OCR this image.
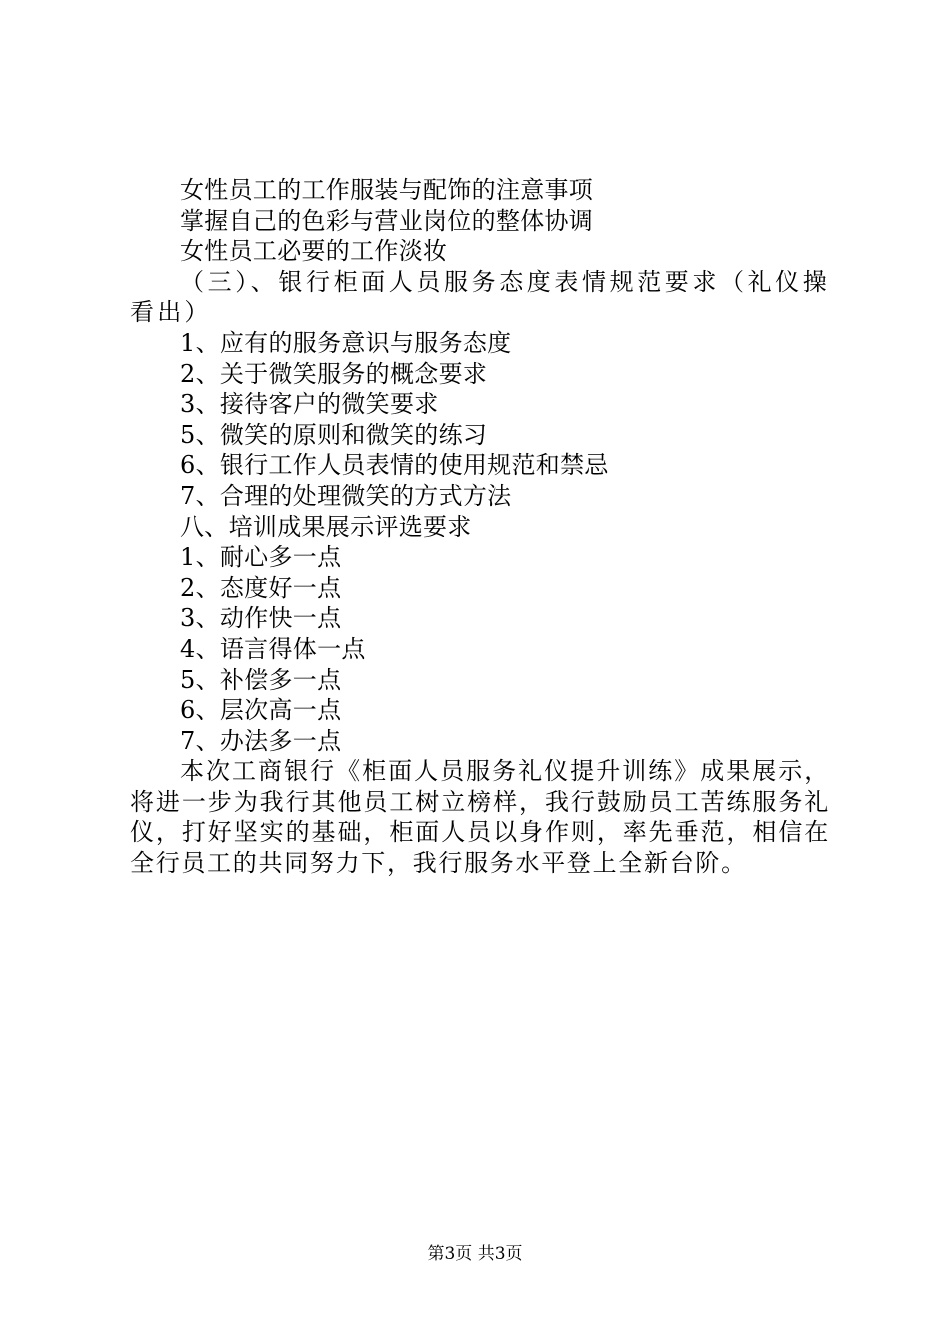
女性员工的工作服装与配饰的注意事项
掌握自己的色彩与营业岗位的整体协调
女性员工必要的工作淡妆
（三）、银行柜面人员服务态度表情规范要求（礼仪操看出）
1、应有的服务意识与服务态度
2、关于微笑服务的概念要求
3、接待客户的微笑要求
5、微笑的原则和微笑的练习
6、银行工作人员表情的使用规范和禁忌
7、合理的处理微笑的方式方法
八、培训成果展示评选要求
1、耐心多一点
2、态度好一点
3、动作快一点
4、语言得体一点
5、补偿多一点
6、层次高一点
7、办法多一点
本次工商银行《柜面人员服务礼仪提升训练》成果展示，将进一步为我行其他员工树立榜样，我行鼓励员工苦练服务礼仪，打好坚实的基础，柜面人员以身作则，率先垂范，相信在全行员工的共同努力下，我行服务水平登上全新台阶。
第3页 共3页
